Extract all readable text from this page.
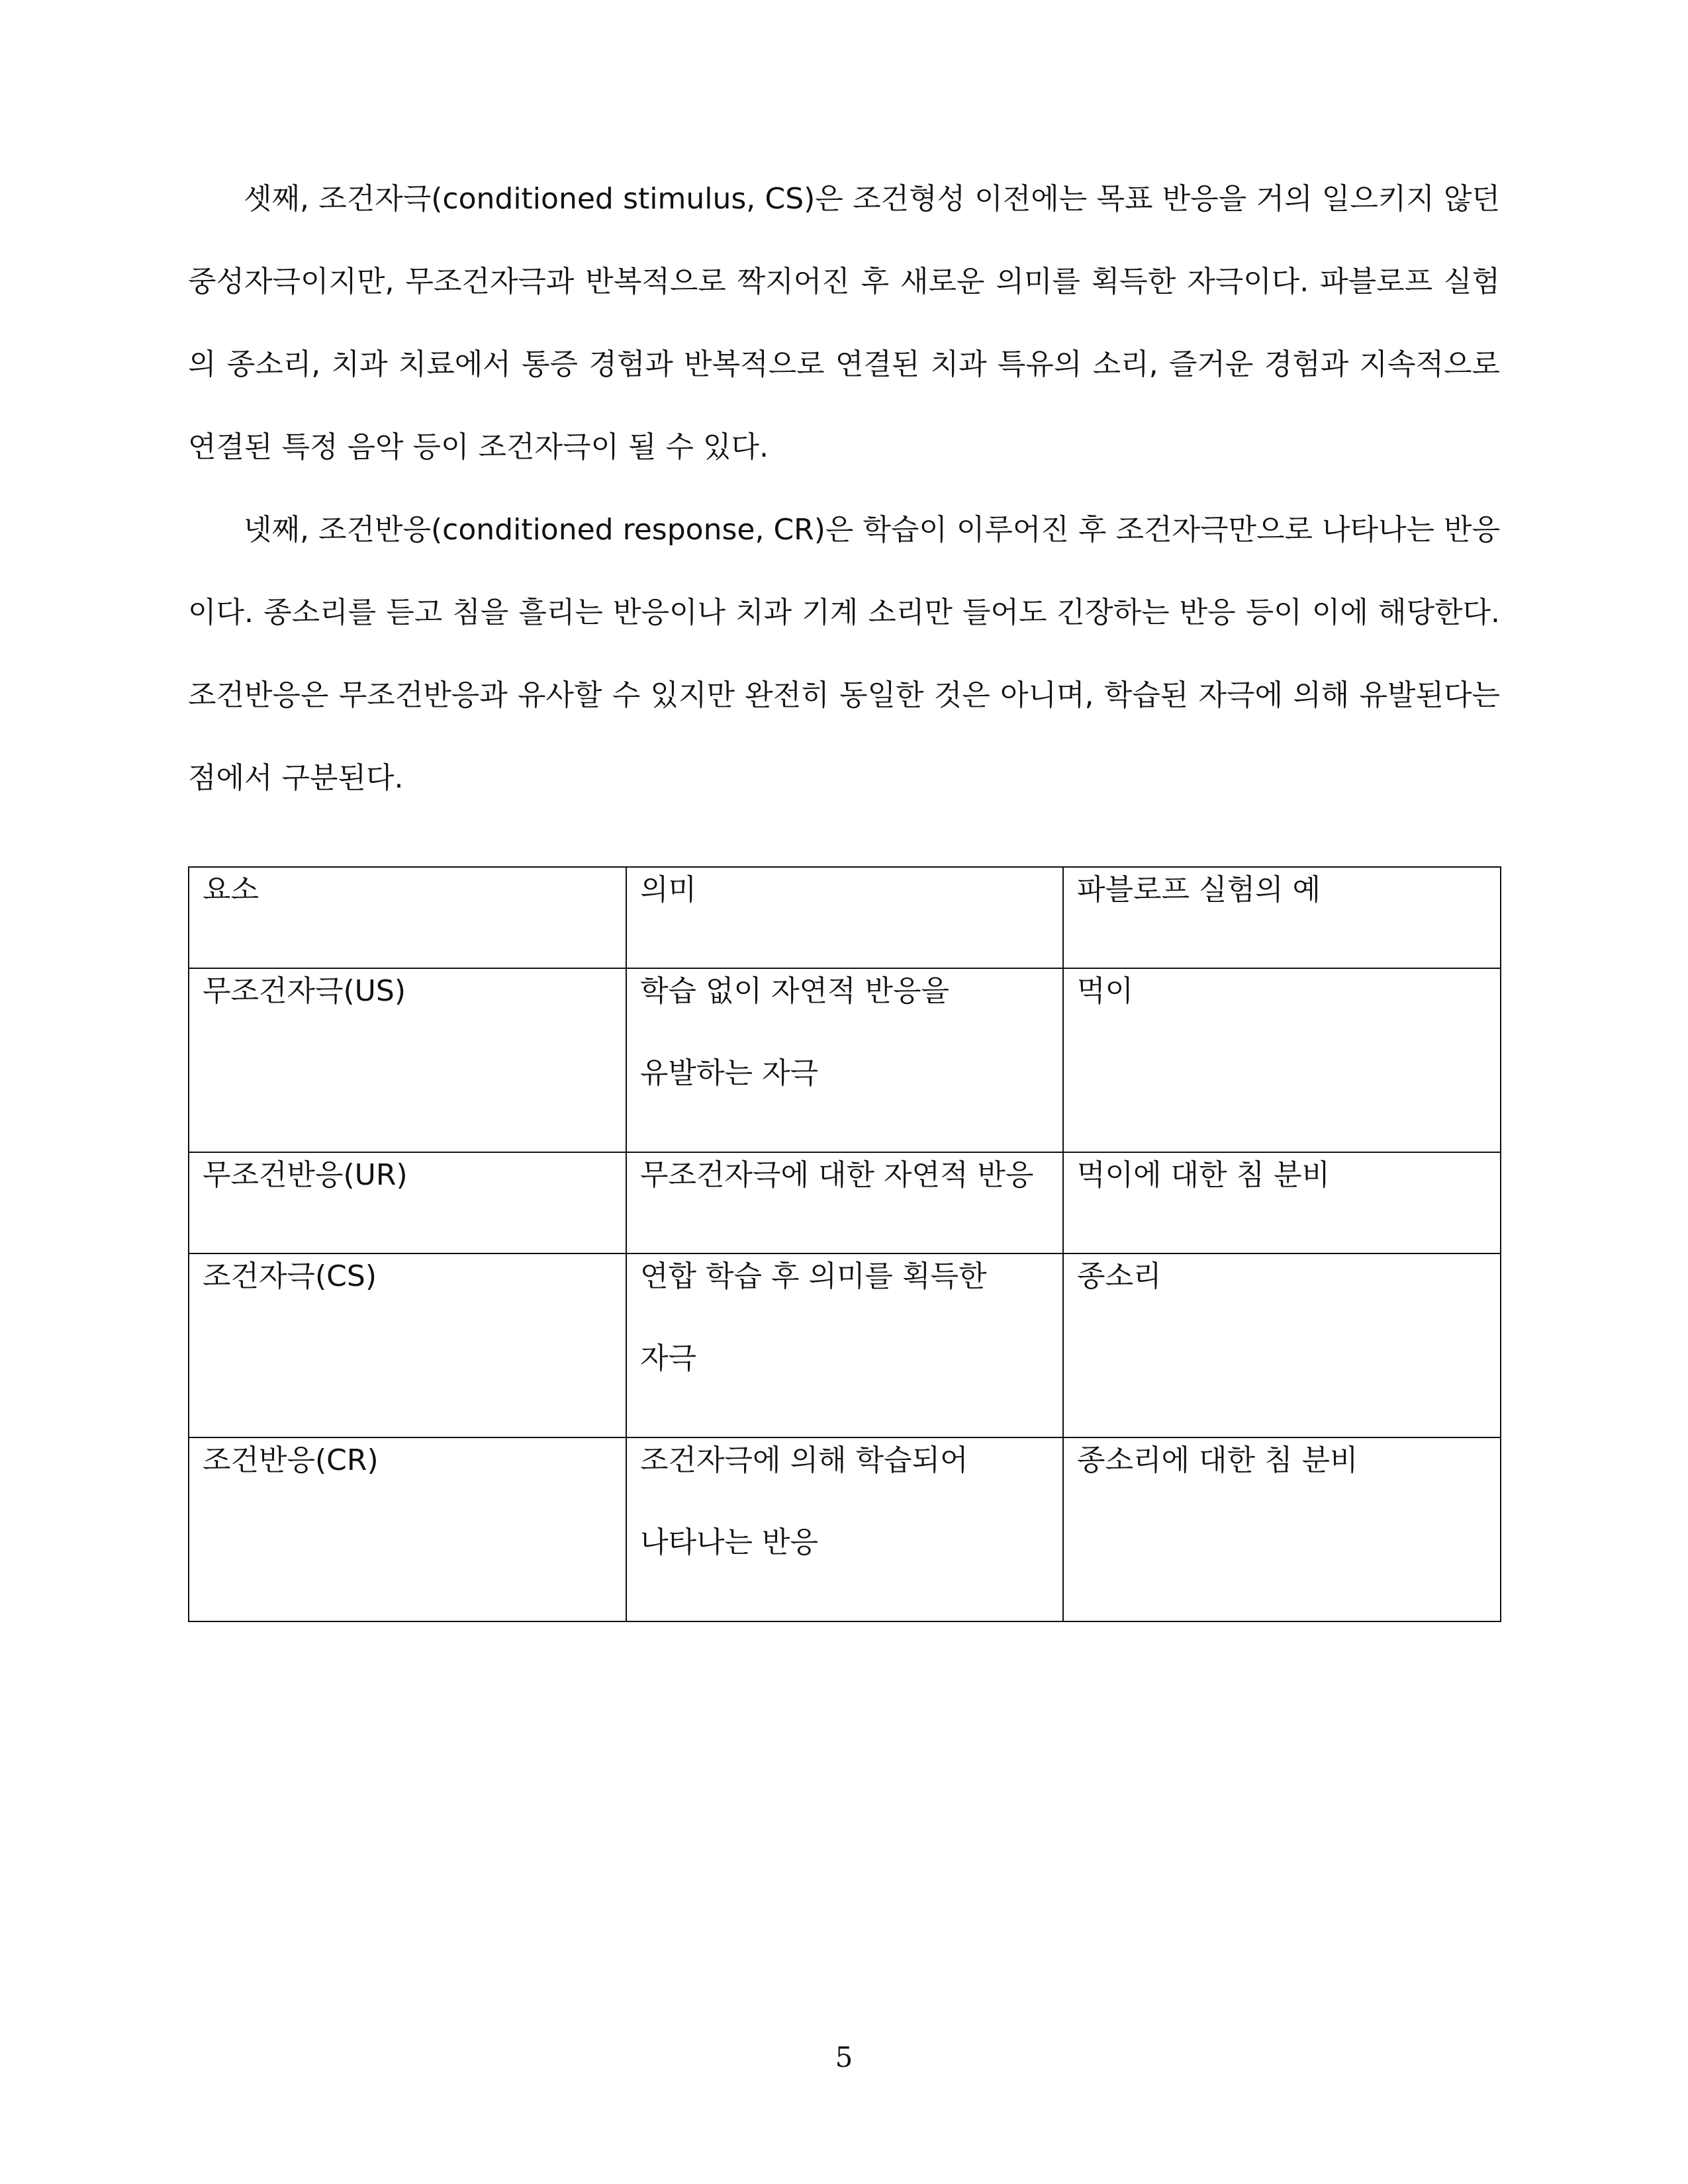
셋째, 조건자극(conditioned stimulus, CS)은 조건형성 이전에는 목표 반응을 거의 일으키지 않던 중성자극이지만, 무조건자극과 반복적으로 짝지어진 후 새로운 의미를 획득한 자극이다. 파블로프 실험의 종소리, 치과 치료에서 통증 경험과 반복적으로 연결된 치과 특유의 소리, 즐거운 경험과 지속적으로 연결된 특정 음악 등이 조건자극이 될 수 있다.

넷째, 조건반응(conditioned response, CR)은 학습이 이루어진 후 조건자극만으로 나타나는 반응이다. 종소리를 듣고 침을 흘리는 반응이나 치과 기계 소리만 들어도 긴장하는 반응 등이 이에 해당한다. 조건반응은 무조건반응과 유사할 수 있지만 완전히 동일한 것은 아니며, 학습된 자극에 의해 유발된다는 점에서 구분된다.

요소	의미	파블로프 실험의 예

무조건자극(US)	학습 없이 자연적 반응을 유발하는 자극	먹이

무조건반응(UR)	무조건자극에 대한 자연적 반응	먹이에 대한 침 분비

조건자극(CS)	연합 학습 후 의미를 획득한 자극	종소리

조건반응(CR)	조건자극에 의해 학습되어 나타나는 반응	종소리에 대한 침 분비
5
